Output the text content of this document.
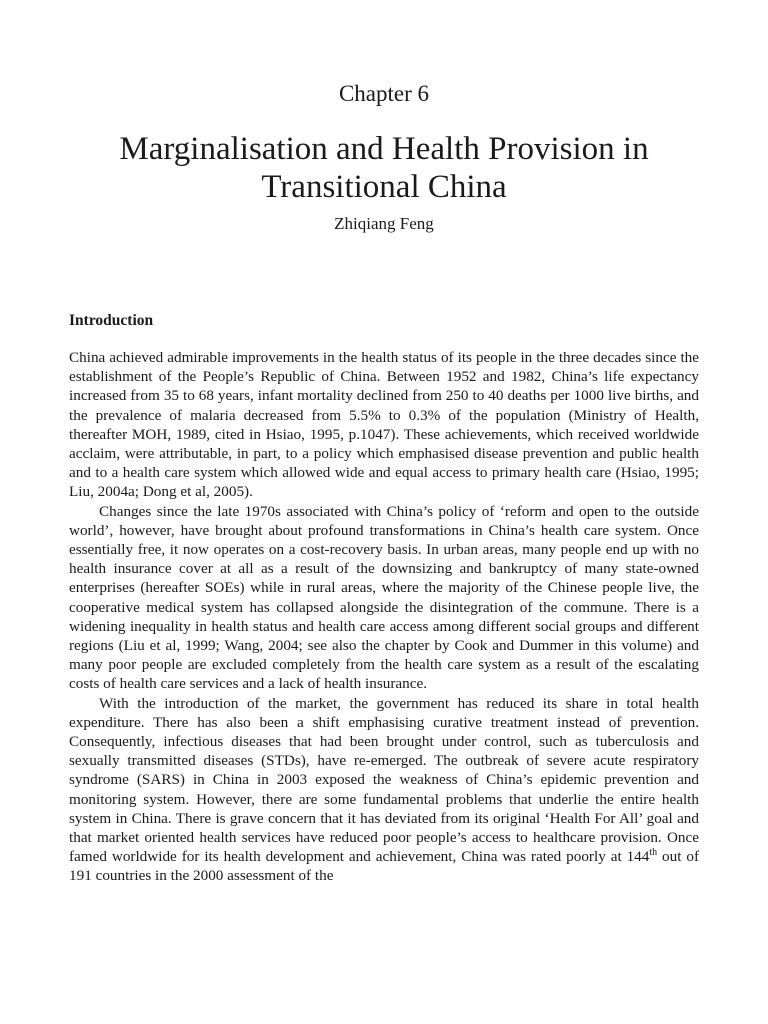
Chapter 6
Marginalisation and Health Provision in
Transitional China
Zhiqiang Feng
Introduction

China achieved admirable improvements in the health status of its people in the three decades since the establishment of the People’s Republic of China. Between 1952 and 1982, China’s life expectancy increased from 35 to 68 years, infant mortality declined from 250 to 40 deaths per 1000 live births, and the prevalence of malaria decreased from 5.5% to 0.3% of the population (Ministry of Health, thereafter MOH, 1989, cited in Hsiao, 1995, p.1047). These achievements, which received worldwide acclaim, were attributable, in part, to a policy which emphasised disease prevention and public health and to a health care system which allowed wide and equal access to primary health care (Hsiao, 1995; Liu, 2004a; Dong et al, 2005).

Changes since the late 1970s associated with China’s policy of ‘reform and open to the outside world’, however, have brought about profound transformations in China’s health care system. Once essentially free, it now operates on a cost-recovery basis. In urban areas, many people end up with no health insurance cover at all as a result of the downsizing and bankruptcy of many state-owned enterprises (hereafter SOEs) while in rural areas, where the majority of the Chinese people live, the cooperative medical system has collapsed alongside the disintegration of the commune. There is a widening inequality in health status and health care access among different social groups and different regions (Liu et al, 1999; Wang, 2004; see also the chapter by Cook and Dummer in this volume) and many poor people are excluded completely from the health care system as a result of the escalating costs of health care services and a lack of health insurance.

With the introduction of the market, the government has reduced its share in total health expenditure. There has also been a shift emphasising curative treatment instead of prevention. Consequently, infectious diseases that had been brought under control, such as tuberculosis and sexually transmitted diseases (STDs), have re-emerged. The outbreak of severe acute respiratory syndrome (SARS) in China in 2003 exposed the weakness of China’s epidemic prevention and monitoring system. However, there are some fundamental problems that underlie the entire health system in China. There is grave concern that it has deviated from its original ‘Health For All’ goal and that market oriented health services have reduced poor people’s access to healthcare provision. Once famed worldwide for its health development and achievement, China was rated poorly at 144th out of 191 countries in the 2000 assessment of the
